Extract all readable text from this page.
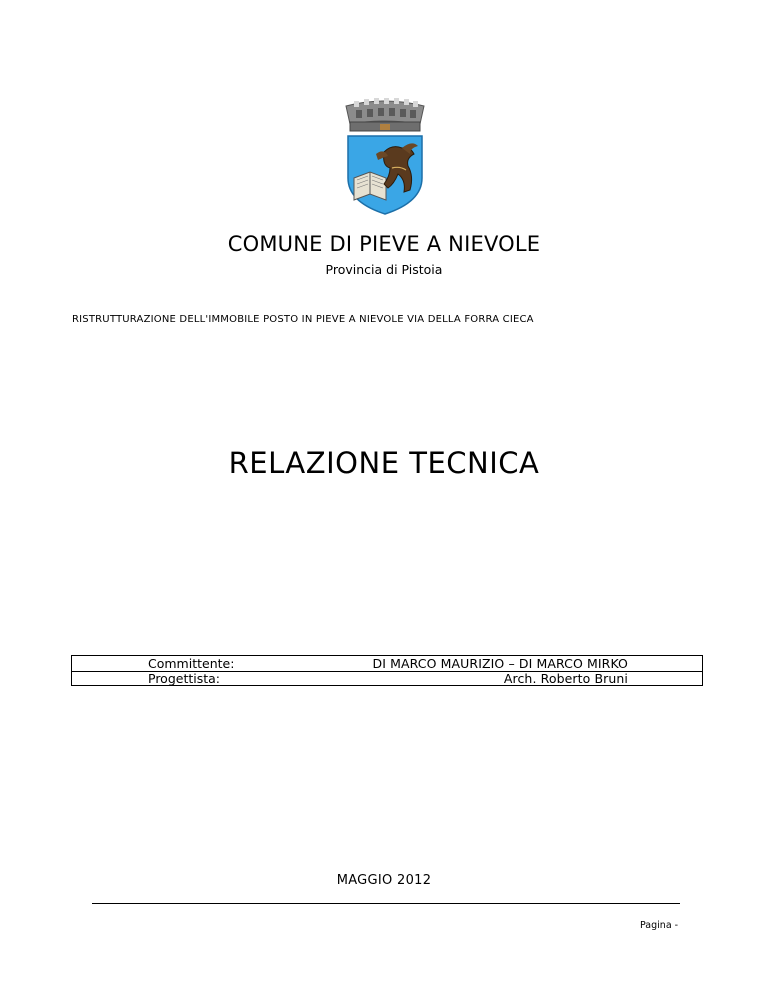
COMUNE DI PIEVE A NIEVOLE
Provincia di Pistoia
RISTRUTTURAZIONE DELL'IMMOBILE POSTO IN PIEVE A NIEVOLE VIA DELLA FORRA CIECA
RELAZIONE TECNICA
Committente:	DI MARCO MAURIZIO – DI MARCO MIRKO
Progettista:	Arch. Roberto Bruni
MAGGIO 2012
Pagina -
